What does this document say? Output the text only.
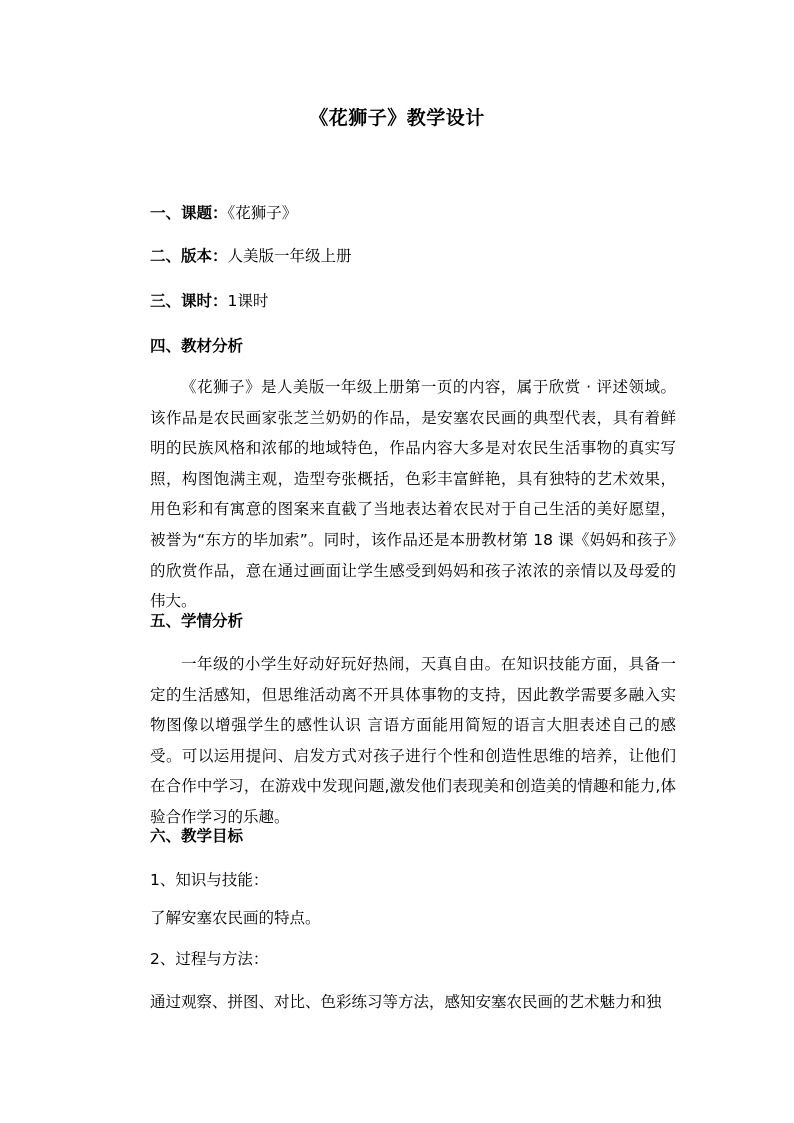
《花狮子》教学设计
一、课题：《花狮子》
二、版本：人美版一年级上册
三、课时：1课时
四、教材分析

《花狮子》是人美版一年级上册第一页的内容，属于欣赏 · 评述领域。该作品是农民画家张芝兰奶奶的作品，是安塞农民画的典型代表，具有着鲜明的民族风格和浓郁的地域特色，作品内容大多是对农民生活事物的真实写照，构图饱满主观，造型夸张概括，色彩丰富鲜艳，具有独特的艺术效果，用色彩和有寓意的图案来直截了当地表达着农民对于自己生活的美好愿望，被誉为“东方的毕加索”。同时，该作品还是本册教材第 18 课《妈妈和孩子》的欣赏作品，意在通过画面让学生感受到妈妈和孩子浓浓的亲情以及母爱的伟大。

五、学情分析

一年级的小学生好动好玩好热闹，天真自由。在知识技能方面，具备一定的生活感知，但思维活动离不开具体事物的支持，因此教学需要多融入实物图像以增强学生的感性认识 言语方面能用简短的语言大胆表述自己的感受。可以运用提问、启发方式对孩子进行个性和创造性思维的培养，让他们在合作中学习，在游戏中发现问题,激发他们表现美和创造美的情趣和能力,体验合作学习的乐趣。

六、教学目标
1、知识与技能：
了解安塞农民画的特点。
2、过程与方法：
通过观察、拼图、对比、色彩练习等方法，感知安塞农民画的艺术魅力和独
